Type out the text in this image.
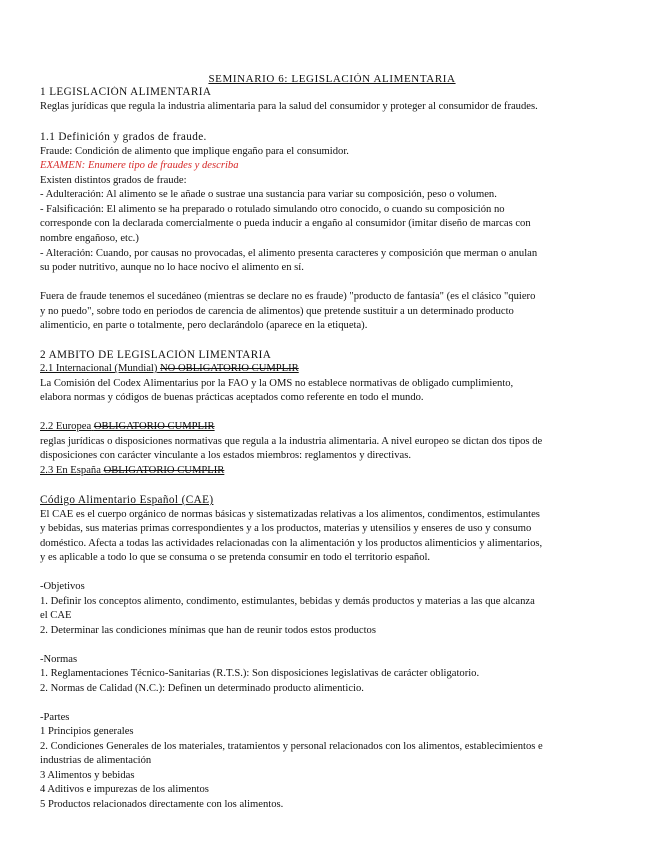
SEMINARIO 6: LEGISLACIÓN ALIMENTARIA
1 LEGISLACIÓN ALIMENTARIA
Reglas jurídicas que regula la industria alimentaria para la salud del consumidor y proteger al consumidor de fraudes.
1.1 Definición y grados de fraude.
Fraude: Condición de alimento que implique engaño para el consumidor.
EXAMEN: Enumere tipo de fraudes y describa
Existen distintos grados de fraude:
- Adulteración: Al alimento se le añade o sustrae una sustancia para variar su composición, peso o volumen.
- Falsificación: El alimento se ha preparado o rotulado simulando otro conocido, o cuando su composición no
corresponde con la declarada comercialmente o pueda inducir a engaño al consumidor (imitar diseño de marcas con
nombre engañoso, etc.)
- Alteración: Cuando, por causas no provocadas, el alimento presenta caracteres y composición que merman o anulan
su poder nutritivo, aunque no lo hace nocivo el alimento en sí.
Fuera de fraude tenemos el sucedáneo (mientras se declare no es fraude) "producto de fantasía" (es el clásico "quiero
y no puedo", sobre todo en periodos de carencia de alimentos) que pretende sustituir a un determinado producto
alimenticio, en parte o totalmente, pero declarándolo (aparece en la etiqueta).
2 AMBITO DE LEGISLACIÓN LIMENTARIA
2.1 Internacional (Mundial) NO OBLIGATORIO CUMPLIR
La Comisión del Codex Alimentarius por la FAO y la OMS no establece normativas de obligado cumplimiento,
elabora normas y códigos de buenas prácticas aceptados como referente en todo el mundo.
2.2 Europea OBLIGATORIO CUMPLIR
reglas jurídicas o disposiciones normativas que regula a la industria alimentaria. A nivel europeo se dictan dos tipos de
disposiciones con carácter vinculante a los estados miembros: reglamentos y directivas.
2.3 En España OBLIGATORIO CUMPLIR
Código Alimentario Español (CAE)
El CAE es el cuerpo orgánico de normas básicas y sistematizadas relativas a los alimentos, condimentos, estimulantes
y bebidas, sus materias primas correspondientes y a los productos, materias y utensilios y enseres de uso y consumo
doméstico. Afecta a todas las actividades relacionadas con la alimentación y los productos alimenticios y alimentarios,
y es aplicable a todo lo que se consuma o se pretenda consumir en todo el territorio español.
-Objetivos
1. Definir los conceptos alimento, condimento, estimulantes, bebidas y demás productos y materias a las que alcanza
el CAE
2. Determinar las condiciones mínimas que han de reunir todos estos productos
-Normas
1. Reglamentaciones Técnico-Sanitarias (R.T.S.): Son disposiciones legislativas de carácter obligatorio.
2. Normas de Calidad (N.C.): Definen un determinado producto alimenticio.
-Partes
1 Principios generales
2. Condiciones Generales de los materiales, tratamientos y personal relacionados con los alimentos, establecimientos e
industrias de alimentación
3 Alimentos y bebidas
4 Aditivos e impurezas de los alimentos
5 Productos relacionados directamente con los alimentos.
